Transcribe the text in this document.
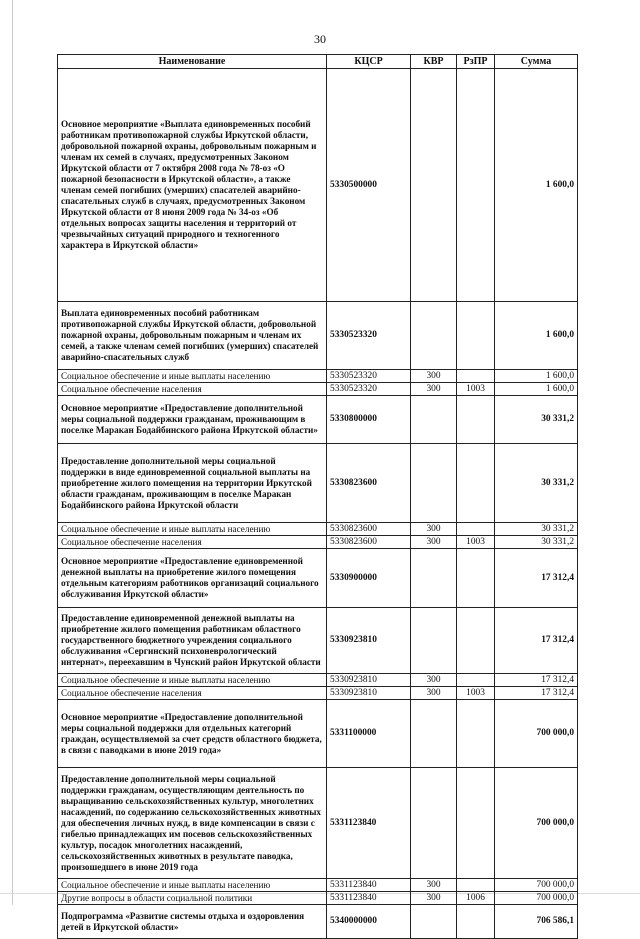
30
Наименование	КЦСР	КВР	РзПР	Сумма
Основное мероприятие «Выплата единовременных пособий работникам противопожарной службы Иркутской области, добровольной пожарной охраны, добровольным пожарным и членам их семей в случаях, предусмотренных Законом Иркутской области от 7 октября 2008 года № 78-оз «О пожарной безопасности в Иркутской области», а также членам семей погибших (умерших) спасателей аварийно-спасательных служб в случаях, предусмотренных Законом Иркутской области от 8 июня 2009 года № 34-оз «Об отдельных вопросах защиты населения и территорий от чрезвычайных ситуаций природного и техногенного характера в Иркутской области»	5330500000			1 600,0
Выплата единовременных пособий работникам противопожарной службы Иркутской области, добровольной пожарной охраны, добровольным пожарным и членам их семей, а также членам семей погибших (умерших) спасателей аварийно-спасательных служб	5330523320			1 600,0
Социальное обеспечение и иные выплаты населению	5330523320	300		1 600,0
Социальное обеспечение населения	5330523320	300	1003	1 600,0
Основное мероприятие «Предоставление дополнительной меры социальной поддержки гражданам, проживающим в поселке Маракан Бодайбинского района Иркутской области»	5330800000			30 331,2
Предоставление дополнительной меры социальной поддержки в виде единовременной социальной выплаты на приобретение жилого помещения на территории Иркутской области гражданам, проживающим в поселке Маракан Бодайбинского района Иркутской области	5330823600			30 331,2
Социальное обеспечение и иные выплаты населению	5330823600	300		30 331,2
Социальное обеспечение населения	5330823600	300	1003	30 331,2
Основное мероприятие «Предоставление единовременной денежной выплаты на приобретение жилого помещения отдельным категориям работников организаций социального обслуживания Иркутской области»	5330900000			17 312,4
Предоставление единовременной денежной выплаты на приобретение жилого помещения работникам областного государственного бюджетного учреждения социального обслуживания «Сергинский психоневрологический интернат», переехавшим в Чунский район Иркутской области	5330923810			17 312,4
Социальное обеспечение и иные выплаты населению	5330923810	300		17 312,4
Социальное обеспечение населения	5330923810	300	1003	17 312,4
Основное мероприятие «Предоставление дополнительной меры социальной поддержки для отдельных категорий граждан, осуществляемой за счет средств областного бюджета, в связи с паводками в июне 2019 года»	5331100000			700 000,0
Предоставление дополнительной меры социальной поддержки гражданам, осуществляющим деятельность по выращиванию сельскохозяйственных культур, многолетних насаждений, по содержанию сельскохозяйственных животных для обеспечения личных нужд, в виде компенсации в связи с гибелью принадлежащих им посевов сельскохозяйственных культур, посадок многолетних насаждений, сельскохозяйственных животных в результате паводка, произошедшего в июне 2019 года	5331123840			700 000,0
Социальное обеспечение и иные выплаты населению	5331123840	300		700 000,0
Другие вопросы в области социальной политики	5331123840	300	1006	700 000,0
Подпрограмма «Развитие системы отдыха и оздоровления детей в Иркутской области»	5340000000			706 586,1
